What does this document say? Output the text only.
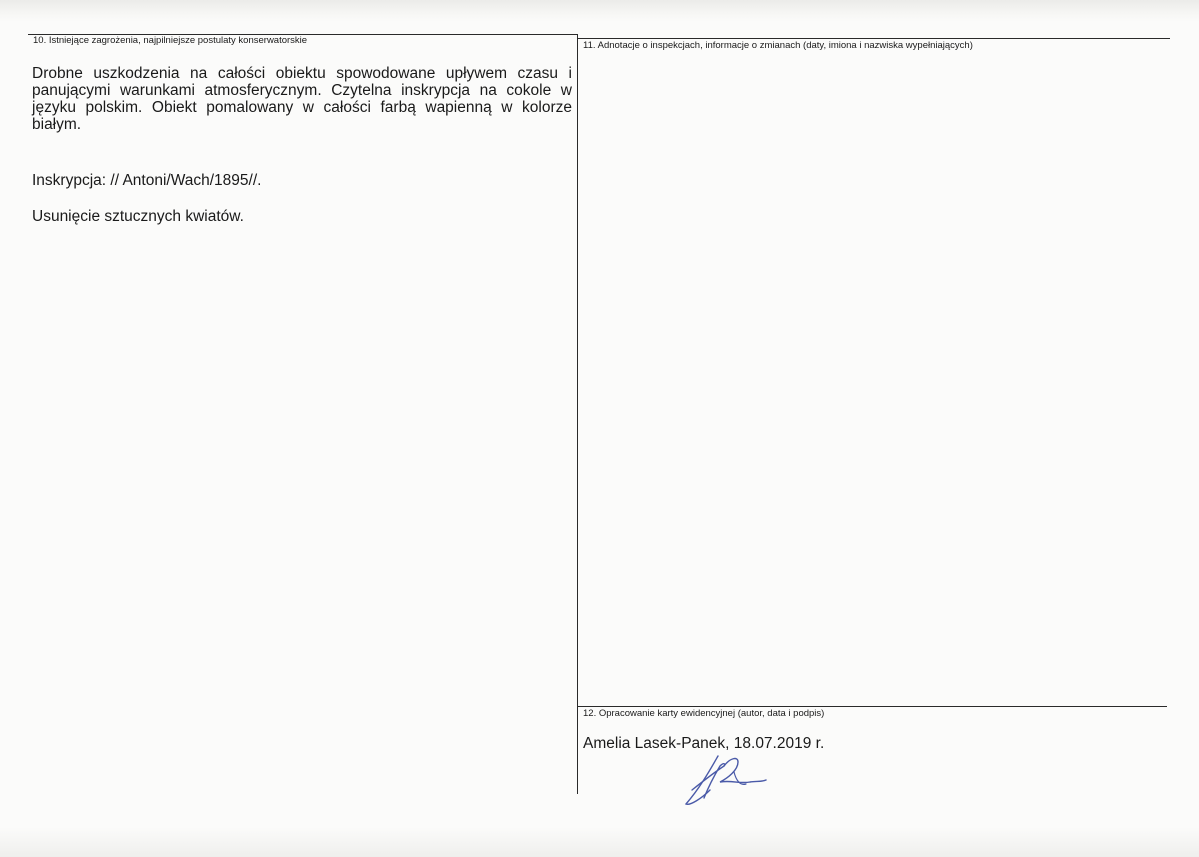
10. Istniejące zagrożenia, najpilniejsze postulaty konserwatorskie
Drobne uszkodzenia na całości obiektu spowodowane upływem czasu i panującymi warunkami atmosferycznym. Czytelna inskrypcja na cokole w języku polskim. Obiekt pomalowany w całości farbą wapienną w kolorze białym.
Inskrypcja: // Antoni/Wach/1895//.
Usunięcie sztucznych kwiatów.
11. Adnotacje o inspekcjach, informacje o zmianach (daty, imiona i nazwiska wypełniających)
12. Opracowanie karty ewidencyjnej (autor, data i podpis)
Amelia Lasek-Panek, 18.07.2019 r.
